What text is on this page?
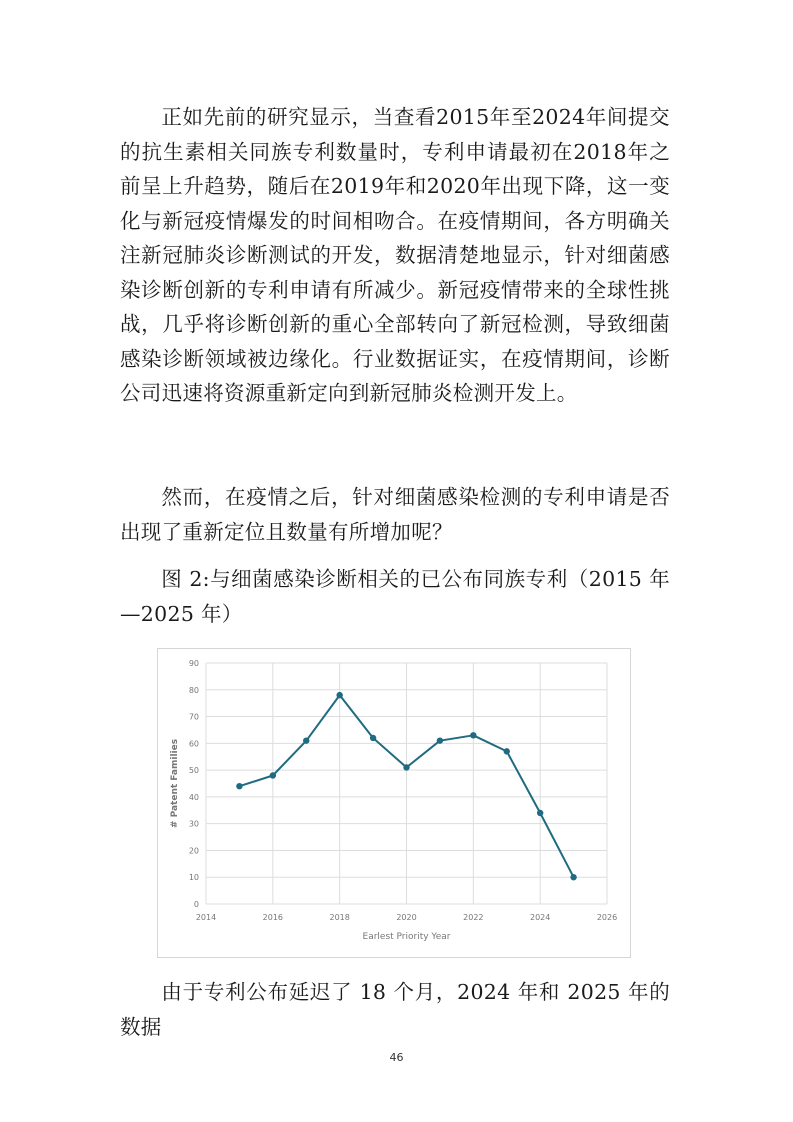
正如先前的研究显示，当查看2015年至2024年间提交的抗生素相关同族专利数量时，专利申请最初在2018年之前呈上升趋势，随后在2019年和2020年出现下降，这一变化与新冠疫情爆发的时间相吻合。在疫情期间，各方明确关注新冠肺炎诊断测试的开发，数据清楚地显示，针对细菌感染诊断创新的专利申请有所减少。新冠疫情带来的全球性挑战，几乎将诊断创新的重心全部转向了新冠检测，导致细菌感染诊断领域被边缘化。行业数据证实，在疫情期间，诊断公司迅速将资源重新定向到新冠肺炎检测开发上。

然而，在疫情之后，针对细菌感染检测的专利申请是否出现了重新定位且数量有所增加呢？

图 2:与细菌感染诊断相关的已公布同族专利（2015 年—2025 年）

0
10
20
30
40
50
60
70
80
90
2014	2016	2018	2020	2022	2024	2026
Earlest Priority Year
# Patent Families

由于专利公布延迟了 18 个月，2024 年和 2025 年的数据

46
